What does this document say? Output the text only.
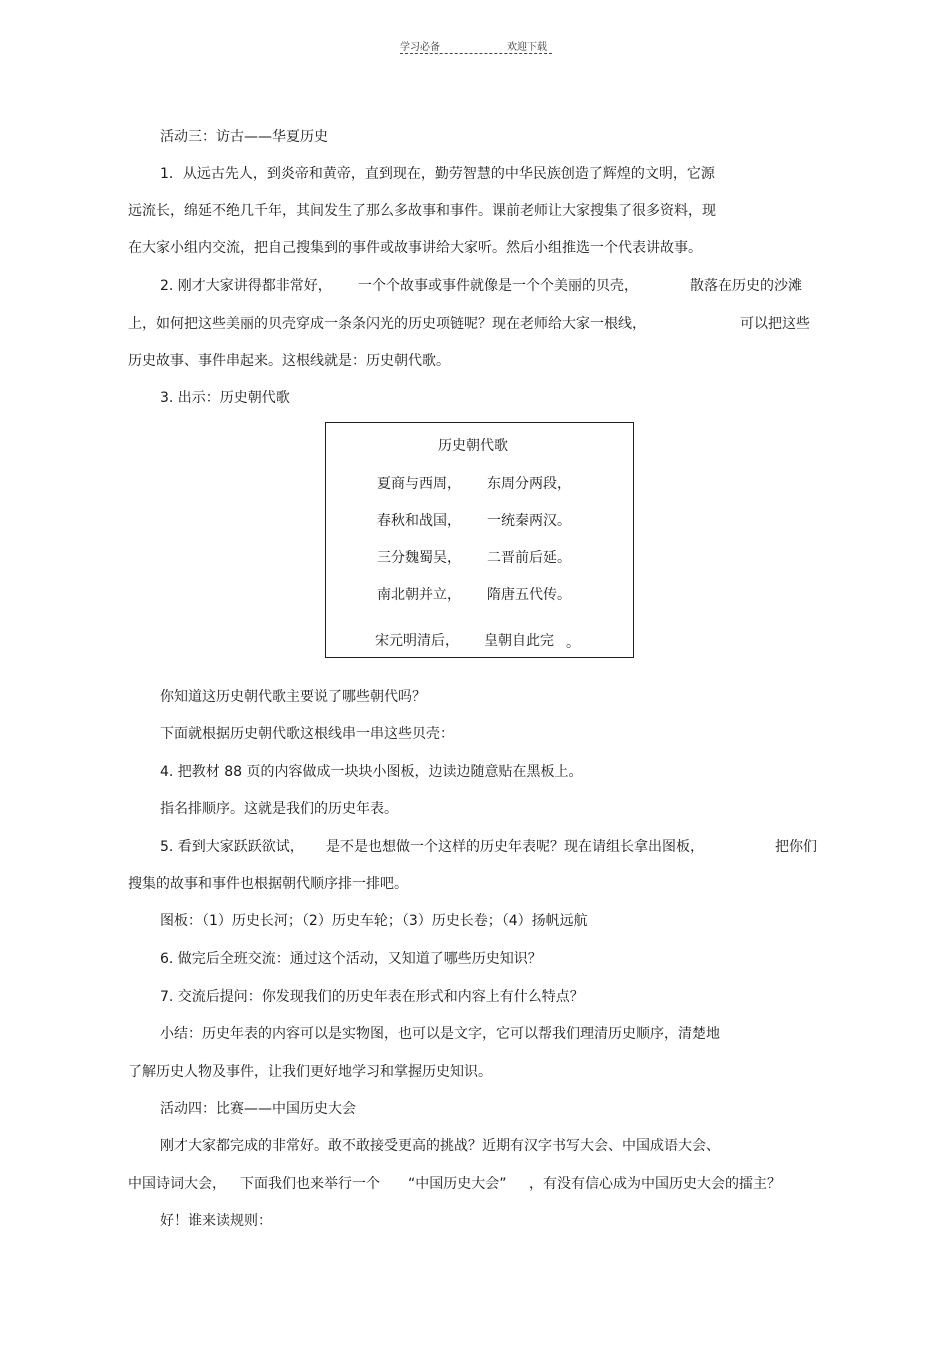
学习必备	欢迎下载
活动三：访古——华夏历史
1．从远古先人，到炎帝和黄帝，直到现在，勤劳智慧的中华民族创造了辉煌的文明，它源
远流长，绵延不绝几千年，其间发生了那么多故事和事件。课前老师让大家搜集了很多资料，现
在大家小组内交流，把自己搜集到的事件或故事讲给大家听。然后小组推选一个代表讲故事。
2. 刚才大家讲得都非常好， 一个个故事或事件就像是一个个美丽的贝壳，	散落在历史的沙滩
上，如何把这些美丽的贝壳穿成一条条闪光的历史项链呢？现在老师给大家一根线，	可以把这些
历史故事、事件串起来。这根线就是：历史朝代歌。
3. 出示：历史朝代歌
历史朝代歌
夏商与西周， 东周分两段，
春秋和战国， 一统秦两汉。
三分魏蜀吴， 二晋前后延。
南北朝并立， 隋唐五代传。
宋元明清后， 皇朝自此完 。
你知道这历史朝代歌主要说了哪些朝代吗？
下面就根据历史朝代歌这根线串一串这些贝壳：
4. 把教材 88 页的内容做成一块块小图板，边读边随意贴在黑板上。
指名排顺序。这就是我们的历史年表。
5. 看到大家跃跃欲试， 是不是也想做一个这样的历史年表呢？现在请组长拿出图板，	把你们
搜集的故事和事件也根据朝代顺序排一排吧。
图板：（1）历史长河；（2）历史车轮；（3）历史长卷；（4）扬帆远航
6. 做完后全班交流：通过这个活动，又知道了哪些历史知识？
7. 交流后提问：你发现我们的历史年表在形式和内容上有什么特点？
小结：历史年表的内容可以是实物图，也可以是文字，它可以帮我们理清历史顺序，清楚地
了解历史人物及事件，让我们更好地学习和掌握历史知识。
活动四：比赛——中国历史大会
刚才大家都完成的非常好。敢不敢接受更高的挑战？近期有汉字书写大会、中国成语大会、
中国诗词大会， 下面我们也来举行一个 “中国历史大会” ，有没有信心成为中国历史大会的擂主？
好！谁来读规则：
